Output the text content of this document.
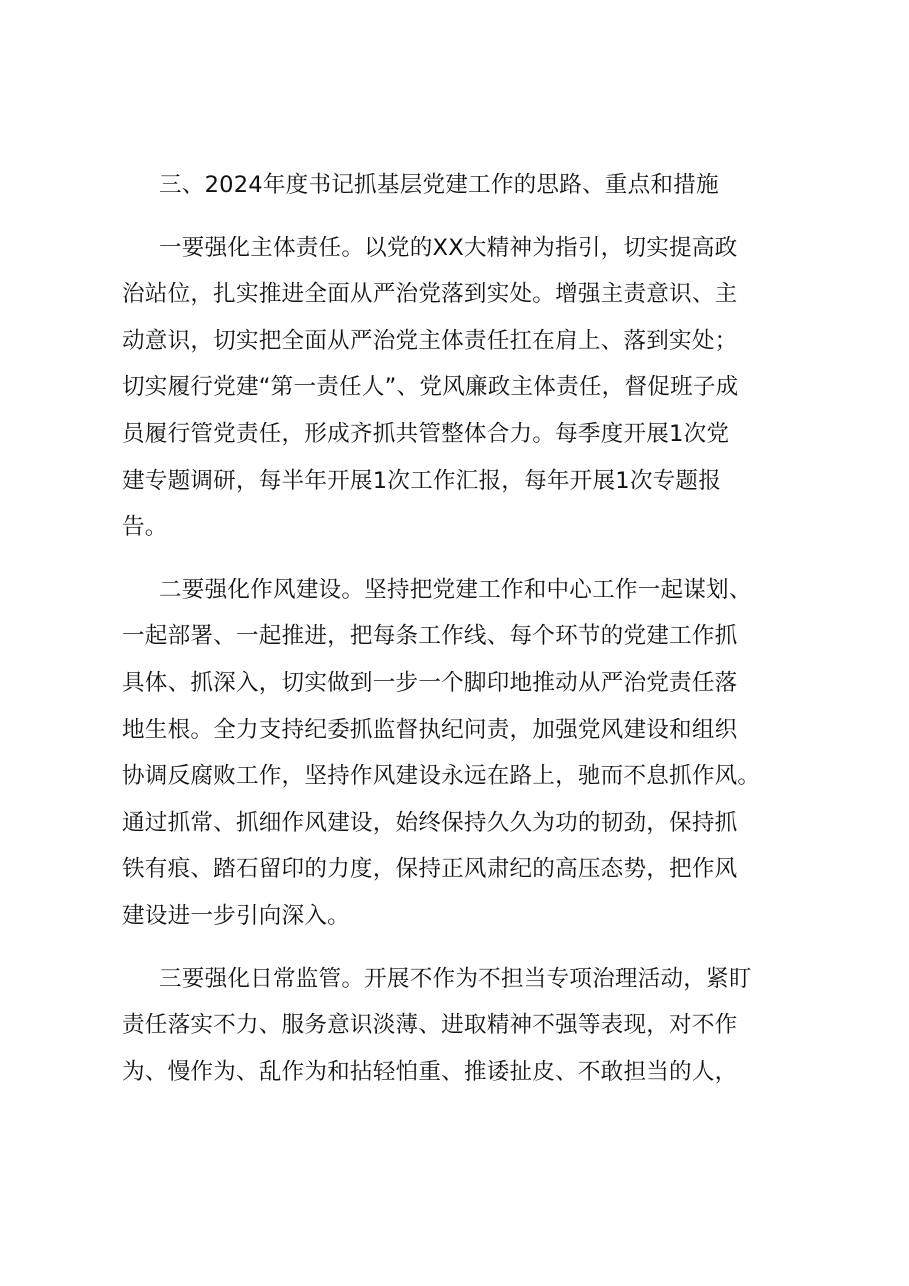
三、2024年度书记抓基层党建工作的思路、重点和措施
一要强化主体责任。以党的XX大精神为指引，切实提高政
治站位，扎实推进全面从严治党落到实处。增强主责意识、主
动意识，切实把全面从严治党主体责任扛在肩上、落到实处；
切实履行党建“第一责任人”、党风廉政主体责任，督促班子成
员履行管党责任，形成齐抓共管整体合力。每季度开展1次党
建专题调研，每半年开展1次工作汇报，每年开展1次专题报
告。
二要强化作风建设。坚持把党建工作和中心工作一起谋划、
一起部署、一起推进，把每条工作线、每个环节的党建工作抓
具体、抓深入，切实做到一步一个脚印地推动从严治党责任落
地生根。全力支持纪委抓监督执纪问责，加强党风建设和组织
协调反腐败工作，坚持作风建设永远在路上，驰而不息抓作风。
通过抓常、抓细作风建设，始终保持久久为功的韧劲，保持抓
铁有痕、踏石留印的力度，保持正风肃纪的高压态势，把作风
建设进一步引向深入。
三要强化日常监管。开展不作为不担当专项治理活动，紧盯
责任落实不力、服务意识淡薄、进取精神不强等表现，对不作
为、慢作为、乱作为和拈轻怕重、推诿扯皮、不敢担当的人，
